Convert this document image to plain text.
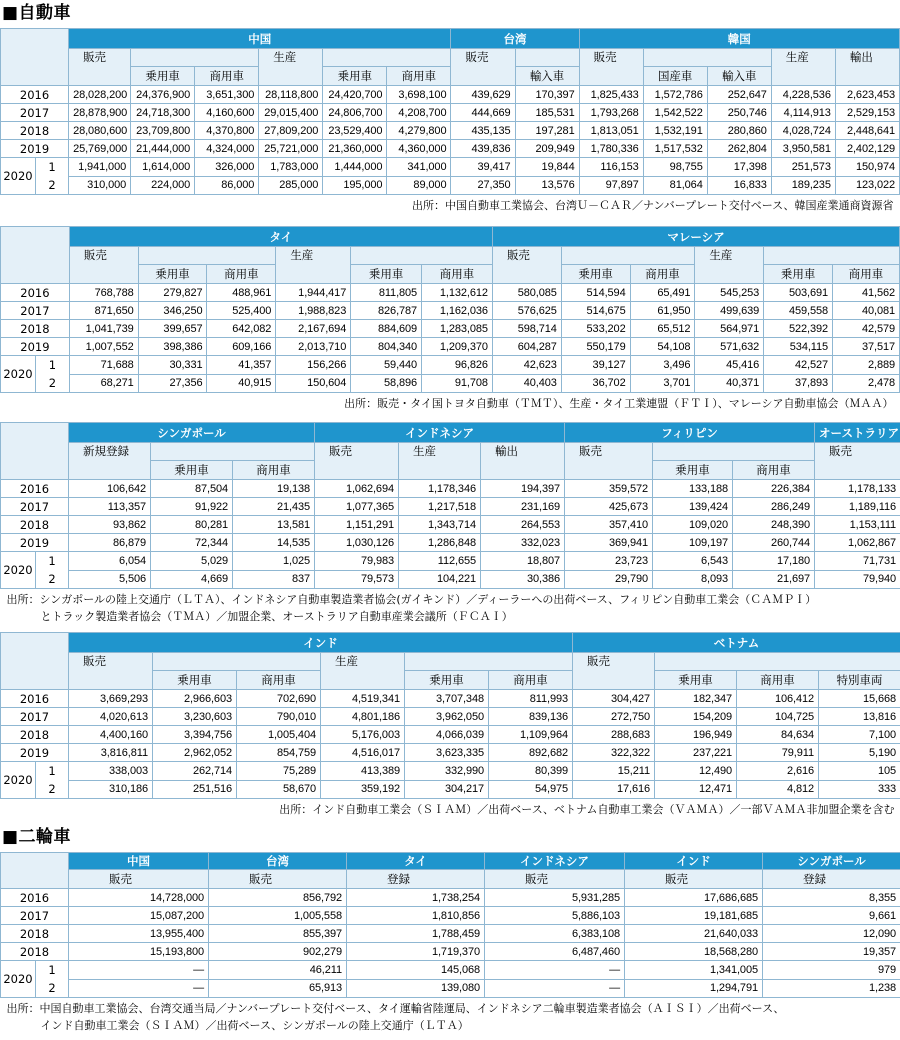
■自動車
	中国						台湾		韓国				
	販売			生産			販売		販売			生産	輸出
		乗用車	商用車		乗用車	商用車		輸入車		国産車	輸入車		
2016	28,028,200	24,376,900	3,651,300	28,118,800	24,420,700	3,698,100	439,629	170,397	1,825,433	1,572,786	252,647	4,228,536	2,623,453
2017	28,878,900	24,718,300	4,160,600	29,015,400	24,806,700	4,208,700	444,669	185,531	1,793,268	1,542,522	250,746	4,114,913	2,529,153
2018	28,080,600	23,709,800	4,370,800	27,809,200	23,529,400	4,279,800	435,135	197,281	1,813,051	1,532,191	280,860	4,028,724	2,448,641
2019	25,769,000	21,444,000	4,324,000	25,721,000	21,360,000	4,360,000	439,836	209,949	1,780,336	1,517,532	262,804	3,950,581	2,402,129

2020
1	1,941,000	1,614,000	326,000	1,783,000	1,444,000	341,000	39,417	19,844	116,153	98,755	17,398	251,573	150,974

2	310,000	224,000	86,000	285,000	195,000	89,000	27,350	13,576	97,897	81,064	16,833	189,235	123,022
出所：中国自動車工業協会、台湾Ｕ－ＣＡＲ／ナンバープレート交付ベース、韓国産業通商資源省													
	タイ						マレーシア					
	販売			生産			販売			生産		
		乗用車	商用車		乗用車	商用車		乗用車	商用車		乗用車	商用車
2016	768,788	279,827	488,961	1,944,417	811,805	1,132,612	580,085	514,594	65,491	545,253	503,691	41,562
2017	871,650	346,250	525,400	1,988,823	826,787	1,162,036	576,625	514,675	61,950	499,639	459,558	40,081
2018	1,041,739	399,657	642,082	2,167,694	884,609	1,283,085	598,714	533,202	65,512	564,971	522,392	42,579
2019	1,007,552	398,386	609,166	2,013,710	804,340	1,209,370	604,287	550,179	54,108	571,632	534,115	37,517

2020
1	71,688	30,331	41,357	156,266	59,440	96,826	42,623	39,127	3,496	45,416	42,527	2,889

2	68,271	27,356	40,915	150,604	58,896	91,708	40,403	36,702	3,701	40,371	37,893	2,478
出所：販売・タイ国トヨタ自動車（ＴＭＴ）、生産・タイ工業連盟（ＦＴＩ）、マレーシア自動車協会（ＭＡＡ）												
	シンガポール			インドネシア			フィリピン			オーストラリア
	新規登録			販売	生産	輸出	販売			販売
		乗用車	商用車					乗用車	商用車	
2016	106,642	87,504	19,138	1,062,694	1,178,346	194,397	359,572	133,188	226,384	1,178,133
2017	113,357	91,922	21,435	1,077,365	1,217,518	231,169	425,673	139,424	286,249	1,189,116
2018	93,862	80,281	13,581	1,151,291	1,343,714	264,553	357,410	109,020	248,390	1,153,111
2019	86,879	72,344	14,535	1,030,126	1,286,848	332,023	369,941	109,197	260,744	1,062,867

2020
1	6,054	5,029	1,025	79,983	112,655	18,807	23,723	6,543	17,180	71,731

2	5,506	4,669	837	79,573	104,221	30,386	29,790	8,093	21,697	79,940
出所：シンガポールの陸上交通庁（ＬＴＡ）、インドネシア自動車製造業者協会(ガイキンド）／ディーラーへの出荷ベース、フィリピン自動車工業会（ＣＡＭＰＩ）										
とトラック製造業者協会（ＴＭＡ）／加盟企業、オーストラリア自動車産業会議所（ＦＣＡＩ）										
	インド						ベトナム			
	販売			生産			販売			
		乗用車	商用車		乗用車	商用車		乗用車	商用車	特別車両
2016	3,669,293	2,966,603	702,690	4,519,341	3,707,348	811,993	304,427	182,347	106,412	15,668
2017	4,020,613	3,230,603	790,010	4,801,186	3,962,050	839,136	272,750	154,209	104,725	13,816
2018	4,400,160	3,394,756	1,005,404	5,176,003	4,066,039	1,109,964	288,683	196,949	84,634	7,100
2019	3,816,811	2,962,052	854,759	4,516,017	3,623,335	892,682	322,322	237,221	79,911	5,190

2020
1	338,003	262,714	75,289	413,389	332,990	80,399	15,211	12,490	2,616	105

2	310,186	251,516	58,670	359,192	304,217	54,975	17,616	12,471	4,812	333
出所：インド自動車工業会（ＳＩＡＭ）／出荷ベース、ベトナム自動車工業会（ＶＡＭＡ）／一部ＶＡＭＡ非加盟企業を含む										
■二輪車
	中国	台湾	タイ	インドネシア	インド	シンガポール
	販売	販売	登録	販売	販売	登録
2016	14,728,000	856,792	1,738,254	5,931,285	17,686,685	8,355
2017	15,087,200	1,005,558	1,810,856	5,886,103	19,181,685	9,661
2018	13,955,400	855,397	1,788,459	6,383,108	21,640,033	12,090
2018	15,193,800	902,279	1,719,370	6,487,460	18,568,280	19,357

2020
1	—	46,211	145,068	—	1,341,005	979

2	—	65,913	139,080	—	1,294,791	1,238
出所：中国自動車工業協会、台湾交通当局／ナンバープレート交付ベース、タイ運輸省陸運局、インドネシア二輪車製造業者協会（ＡＩＳＩ）／出荷ベース、						
インド自動車工業会（ＳＩＡＭ）／出荷ベース、シンガポールの陸上交通庁（ＬＴＡ）						
